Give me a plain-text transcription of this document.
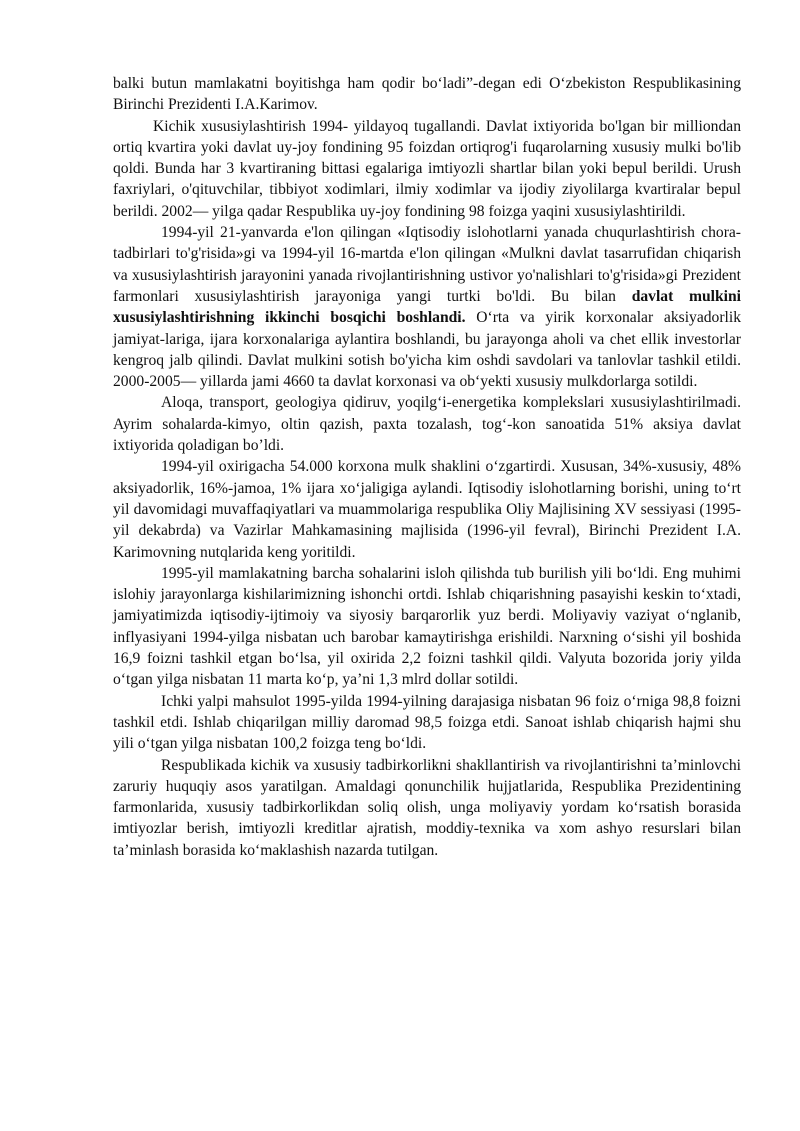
balki butun mamlakatni boyitishga ham qodir bo‘ladi”-degan edi O‘zbekiston Respublikasining Birinchi Prezidenti I.A.Karimov.

Kichik xususiylashtirish 1994- yildayoq tugallandi. Davlat ixtiyorida bo'lgan bir milliondan ortiq kvartira yoki davlat uy-joy fondining 95 foizdan ortiqrog'i fuqarolarning xususiy mulki bo'lib qoldi. Bunda har 3 kvartiraning bittasi egalariga imtiyozli shartlar bilan yoki bepul berildi. Urush faxriylari, o'qituvchilar, tibbiyot xodimlari, ilmiy xodimlar va ijodiy ziyolilarga kvartiralar bepul berildi. 2002— yilga qadar Respublika uy-joy fondining 98 foizga yaqini xususiylashtirildi.

1994-yil 21-yanvarda e'lon qilingan «Iqtisodiy islohotlarni yanada chuqurlashtirish chora-tadbirlari to'g'risida»gi va 1994-yil 16-martda e'lon qilingan «Mulkni davlat tasarrufidan chiqarish va xususiylashtirish jarayonini yanada rivojlantirishning ustivor yo'nalishlari to'g'risida»gi Prezident farmonlari xususiylashtirish jarayoniga yangi turtki bo'ldi. Bu bilan davlat mulkini xususiylashtirishning ikkinchi bosqichi boshlandi. O‘rta va yirik korxonalar aksiyadorlik jamiyat-lariga, ijara korxonalariga aylantira boshlandi, bu jarayonga aholi va chet ellik investorlar kengroq jalb qilindi. Davlat mulkini sotish bo'yicha kim oshdi savdolari va tanlovlar tashkil etildi. 2000-2005— yillarda jami 4660 ta davlat korxonasi va ob‘yekti xususiy mulkdorlarga sotildi.

Aloqa, transport, geologiya qidiruv, yoqilg‘i-energetika komplekslari xususiylashtirilmadi. Ayrim sohalarda-kimyo, oltin qazish, paxta tozalash, tog‘-kon sanoatida 51% aksiya davlat ixtiyorida qoladigan bo’ldi.

1994-yil oxirigacha 54.000 korxona mulk shaklini o‘zgartirdi. Xususan, 34%-xususiy, 48% aksiyadorlik, 16%-jamoa, 1% ijara xo‘jaligiga aylandi. Iqtisodiy islohotlarning borishi, uning to‘rt yil davomidagi muvaffaqiyatlari va muammolariga respublika Oliy Majlisining XV sessiyasi (1995-yil dekabrda) va Vazirlar Mahkamasining majlisida (1996-yil fevral), Birinchi Prezident I.A. Karimovning nutqlarida keng yoritildi.

1995-yil mamlakatning barcha sohalarini isloh qilishda tub burilish yili bo‘ldi. Eng muhimi islohiy jarayonlarga kishilarimizning ishonchi ortdi. Ishlab chiqarishning pasayishi keskin to‘xtadi, jamiyatimizda iqtisodiy-ijtimoiy va siyosiy barqarorlik yuz berdi. Moliyaviy vaziyat o‘nglanib, inflyasiyani 1994-yilga nisbatan uch barobar kamaytirishga erishildi. Narxning o‘sishi yil boshida 16,9 foizni tashkil etgan bo‘lsa, yil oxirida 2,2 foizni tashkil qildi. Valyuta bozorida joriy yilda o‘tgan yilga nisbatan 11 marta ko‘p, ya’ni 1,3 mlrd dollar sotildi.

Ichki yalpi mahsulot 1995-yilda 1994-yilning darajasiga nisbatan 96 foiz o‘rniga 98,8 foizni tashkil etdi. Ishlab chiqarilgan milliy daromad 98,5 foizga etdi. Sanoat ishlab chiqarish hajmi shu yili o‘tgan yilga nisbatan 100,2 foizga teng bo‘ldi.

Respublikada kichik va xususiy tadbirkorlikni shakllantirish va rivojlantirishni ta’minlovchi zaruriy huquqiy asos yaratilgan. Amaldagi qonunchilik hujjatlarida, Respublika Prezidentining farmonlarida, xususiy tadbirkorlikdan soliq olish, unga moliyaviy yordam ko‘rsatish borasida imtiyozlar berish, imtiyozli kreditlar ajratish, moddiy-texnika va xom ashyo resurslari bilan ta’minlash borasida ko‘maklashish nazarda tutilgan.
